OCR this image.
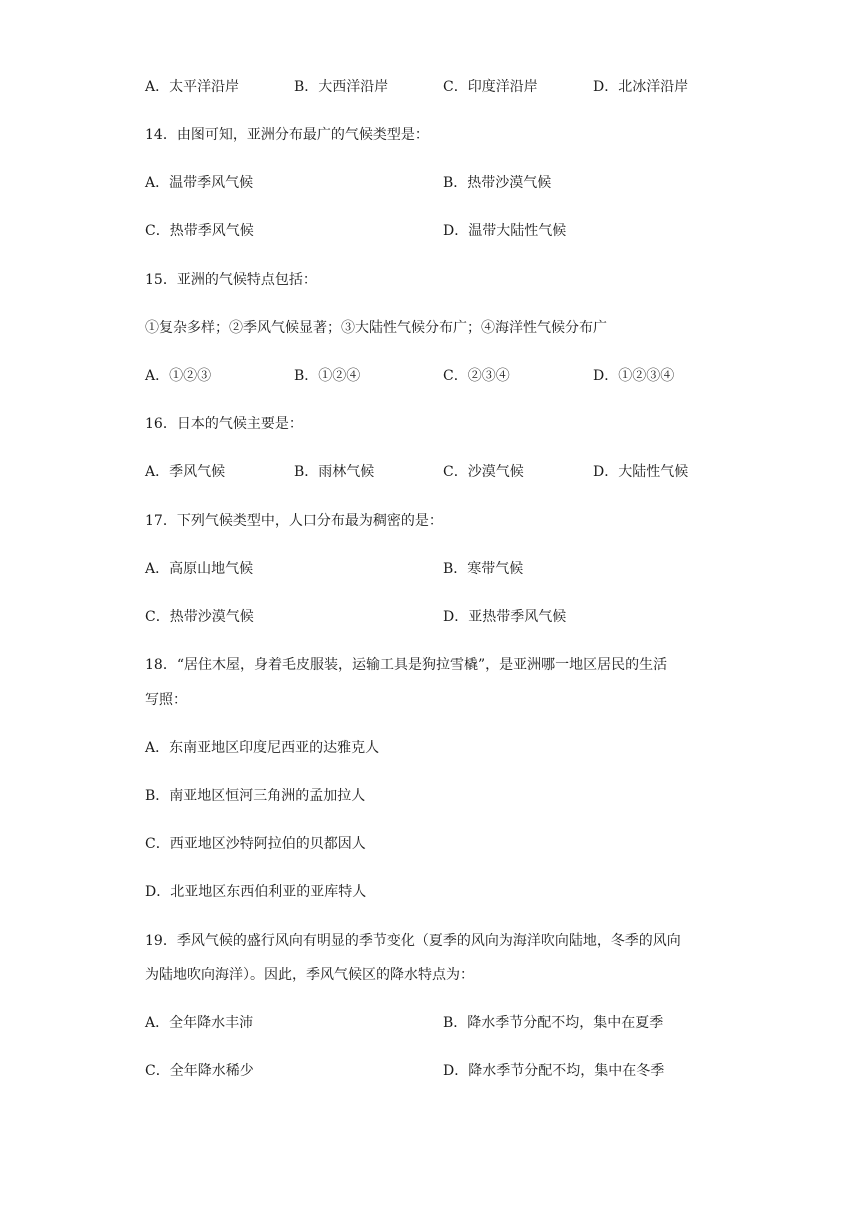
A．太平洋沿岸	B．大西洋沿岸	C．印度洋沿岸	D．北冰洋沿岸
14．由图可知，亚洲分布最广的气候类型是：
A．温带季风气候	B．热带沙漠气候
C．热带季风气候	D．温带大陆性气候
15．亚洲的气候特点包括：
①复杂多样；②季风气候显著；③大陆性气候分布广；④海洋性气候分布广
A．①②③	B．①②④	C．②③④	D．①②③④
16．日本的气候主要是：
A．季风气候	B．雨林气候	C．沙漠气候	D．大陆性气候
17．下列气候类型中，人口分布最为稠密的是：
A．高原山地气候	B．寒带气候
C．热带沙漠气候	D．亚热带季风气候
18．“居住木屋，身着毛皮服装，运输工具是狗拉雪橇”，是亚洲哪一地区居民的生活
写照：
A．东南亚地区印度尼西亚的达雅克人
B．南亚地区恒河三角洲的孟加拉人
C．西亚地区沙特阿拉伯的贝都因人
D．北亚地区东西伯利亚的亚库特人
19．季风气候的盛行风向有明显的季节变化（夏季的风向为海洋吹向陆地，冬季的风向
为陆地吹向海洋）。因此，季风气候区的降水特点为：
A．全年降水丰沛	B．降水季节分配不均，集中在夏季
C．全年降水稀少	D．降水季节分配不均，集中在冬季
